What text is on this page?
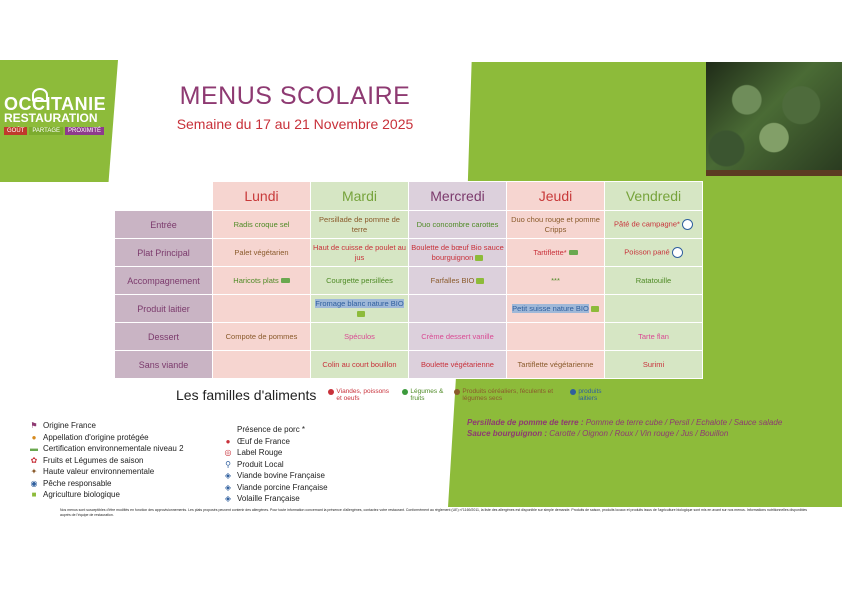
OCCITANIE
RESTAURATION
GOÛT	PARTAGE	PROXIMITÉ
MENUS SCOLAIRE
Semaine du 17 au 21 Novembre 2025
	Lundi	Mardi	Mercredi	Jeudi	Vendredi
Entrée	Radis croque sel	Persillade de pomme de terre	Duo concombre carottes	Duo chou rouge et pomme Cripps	Pâté de campagne*
Plat Principal	Palet végétarien	Haut de cuisse de poulet au jus	Boulette de bœuf Bio sauce bourguignon	Tartiflette*	Poisson pané
Accompagnement	Haricots plats	Courgette persillées	Farfalles BIO	***	Ratatouille
Produit laitier		Fromage blanc nature BIO		Petit suisse nature BIO	
Dessert	Compote de pommes	Spéculos	Crème dessert vanille		Tarte flan
Sans viande		Colin au court bouillon	Boulette végétarienne	Tartiflette végétarienne	Surimi
Les familles d'aliments	Viandes, poissons et oeufs
Légumes & fruits
Produits céréaliers, féculents et légumes secs
produits laitiers
⚑ Origine France
● Appellation d'origine protégée
▬ Certification environnementale niveau 2
✿ Fruits et Légumes de saison
✦ Haute valeur environnementale
◉ Pêche responsable
■ Agriculture biologique
Présence de porc *
● Œuf de France
◎ Label Rouge
⚲ Produit Local
◈ Viande bovine Française
◈ Viande porcine Française
◈ Volaille Française
Persillade de pomme de terre : Pomme de terre cube / Persil / Echalote / Sauce salade
Sauce bourguignon : Carotte / Oignon / Roux / Vin rouge / Jus / Bouillon
Nos menus sont susceptibles d'être modifiés en fonction des approvisionnements. Les plats proposés peuvent contenir des allergènes. Pour toute information concernant la présence d'allergènes, contactez votre restaurant. Conformément au règlement (UE) n°1169/2011, la liste des allergènes est disponible sur simple demande. Produits de saison, produits locaux et produits issus de l'agriculture biologique sont mis en avant sur nos menus. Informations nutritionnelles disponibles auprès de l'équipe de restauration.
